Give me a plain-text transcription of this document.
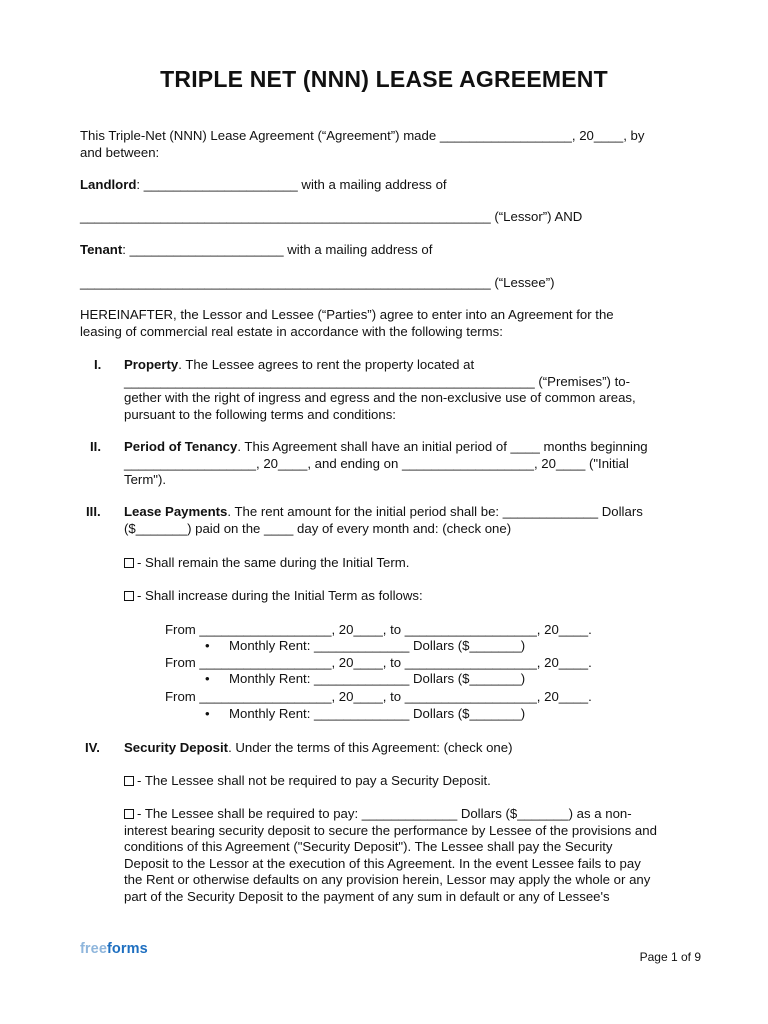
TRIPLE NET (NNN) LEASE AGREEMENT
This Triple-Net (NNN) Lease Agreement (“Agreement”) made __________________, 20____, by
and between:
Landlord: _____________________ with a mailing address of
________________________________________________________ (“Lessor”) AND
Tenant: _____________________ with a mailing address of
________________________________________________________ (“Lessee”)
HEREINAFTER, the Lessor and Lessee (“Parties”) agree to enter into an Agreement for the
leasing of commercial real estate in accordance with the following terms:
I. Property. The Lessee agrees to rent the property located at
________________________________________________________ (“Premises”) to-
gether with the right of ingress and egress and the non-exclusive use of common areas,
pursuant to the following terms and conditions:
II. Period of Tenancy. This Agreement shall have an initial period of ____ months beginning
__________________, 20____, and ending on __________________, 20____ ("Initial
Term").
III. Lease Payments. The rent amount for the initial period shall be: _____________ Dollars
($_______) paid on the ____ day of every month and: (check one)
- Shall remain the same during the Initial Term.
- Shall increase during the Initial Term as follows:
From __________________, 20____, to __________________, 20____.
• Monthly Rent: _____________ Dollars ($_______)
From __________________, 20____, to __________________, 20____.
• Monthly Rent: _____________ Dollars ($_______)
From __________________, 20____, to __________________, 20____.
• Monthly Rent: _____________ Dollars ($_______)
IV. Security Deposit. Under the terms of this Agreement: (check one)
- The Lessee shall not be required to pay a Security Deposit.
- The Lessee shall be required to pay: _____________ Dollars ($_______) as a non-
interest bearing security deposit to secure the performance by Lessee of the provisions and
conditions of this Agreement ("Security Deposit"). The Lessee shall pay the Security
Deposit to the Lessor at the execution of this Agreement. In the event Lessee fails to pay
the Rent or otherwise defaults on any provision herein, Lessor may apply the whole or any
part of the Security Deposit to the payment of any sum in default or any of Lessee's
freeforms	Page 1 of 9
